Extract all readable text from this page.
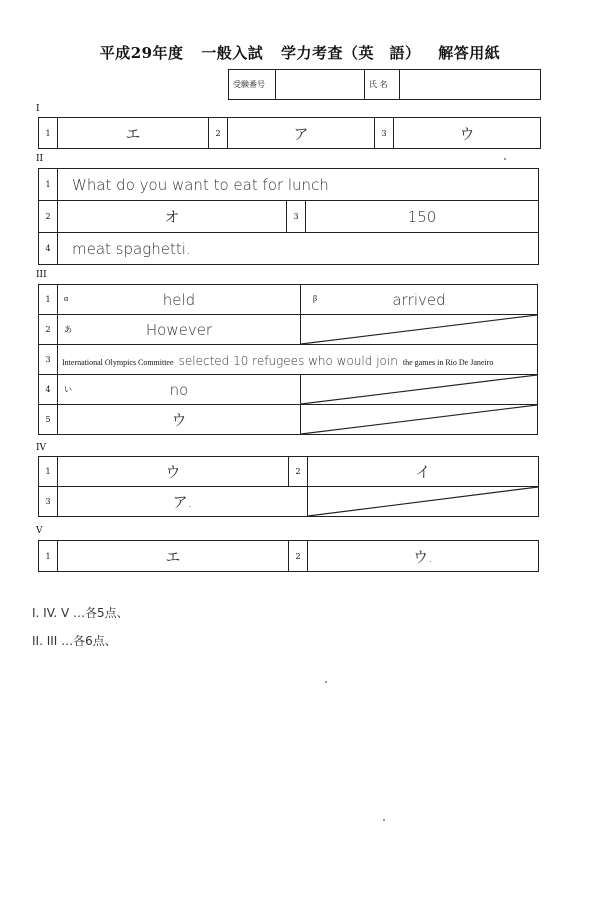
平成29年度 一般入試 学力考査（英　語） 解答用紙
受験番号		氏 名	
I
1	エ	2	ア	3	ウ
II
1	What do you want to eat for lunch		
2	オ	3	150
4	meat spaghetti.		
III
1	α held	β arrived

2	あ However

3	International Olympics Committee selected 10 refugees who would join the games in Rio De Janeiro	
4	い no

5	ウ	
IV
1	ウ	2	イ
3	ア.	
V
1	エ	2	ウ.
I. IV. V …各5点、
II. III …各6点、
